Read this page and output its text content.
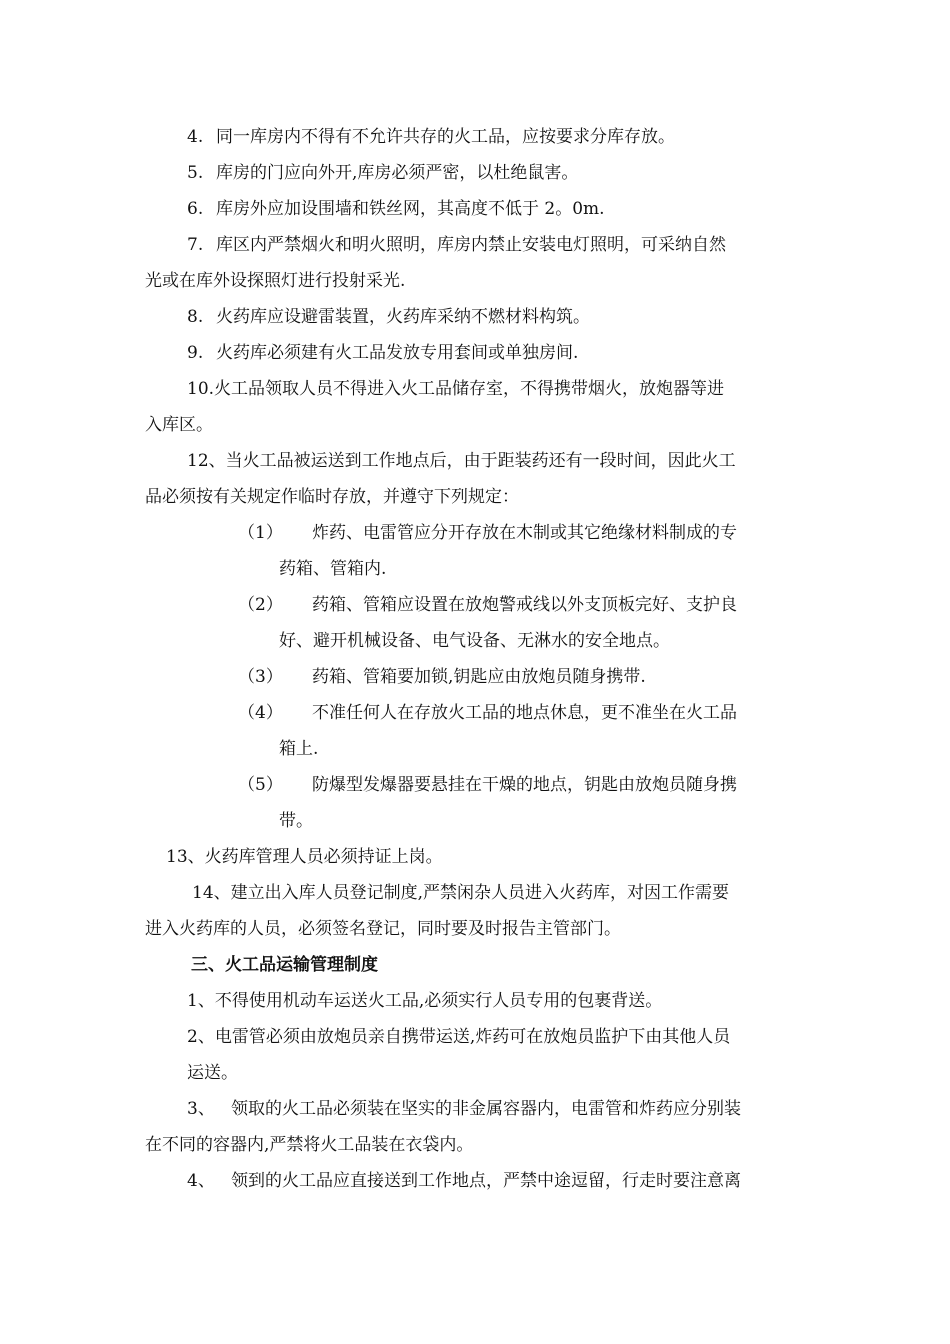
4. 同一库房内不得有不允许共存的火工品，应按要求分库存放。
5. 库房的门应向外开,库房必须严密，以杜绝鼠害。
6. 库房外应加设围墙和铁丝网，其高度不低于 2。0m.
7. 库区内严禁烟火和明火照明，库房内禁止安装电灯照明，可采纳自然
光或在库外设探照灯进行投射采光.
8. 火药库应设避雷装置，火药库采纳不燃材料构筑。
9. 火药库必须建有火工品发放专用套间或单独房间.
10.火工品领取人员不得进入火工品储存室，不得携带烟火，放炮器等进
入库区。
12、当火工品被运送到工作地点后，由于距装药还有一段时间，因此火工
品必须按有关规定作临时存放，并遵守下列规定：
（1） 炸药、电雷管应分开存放在木制或其它绝缘材料制成的专
药箱、管箱内.
（2） 药箱、管箱应设置在放炮警戒线以外支顶板完好、支护良
好、避开机械设备、电气设备、无淋水的安全地点。
（3） 药箱、管箱要加锁,钥匙应由放炮员随身携带.
（4） 不准任何人在存放火工品的地点休息，更不准坐在火工品
箱上.
（5） 防爆型发爆器要悬挂在干燥的地点，钥匙由放炮员随身携
带。
13、火药库管理人员必须持证上岗。
14、建立出入库人员登记制度,严禁闲杂人员进入火药库，对因工作需要
进入火药库的人员，必须签名登记，同时要及时报告主管部门。
三、火工品运输管理制度
1、不得使用机动车运送火工品,必须实行人员专用的包裹背送。
2、电雷管必须由放炮员亲自携带运送,炸药可在放炮员监护下由其他人员
运送。
3、 领取的火工品必须装在坚实的非金属容器内，电雷管和炸药应分别装
在不同的容器内,严禁将火工品装在衣袋内。
4、 领到的火工品应直接送到工作地点，严禁中途逗留，行走时要注意离
